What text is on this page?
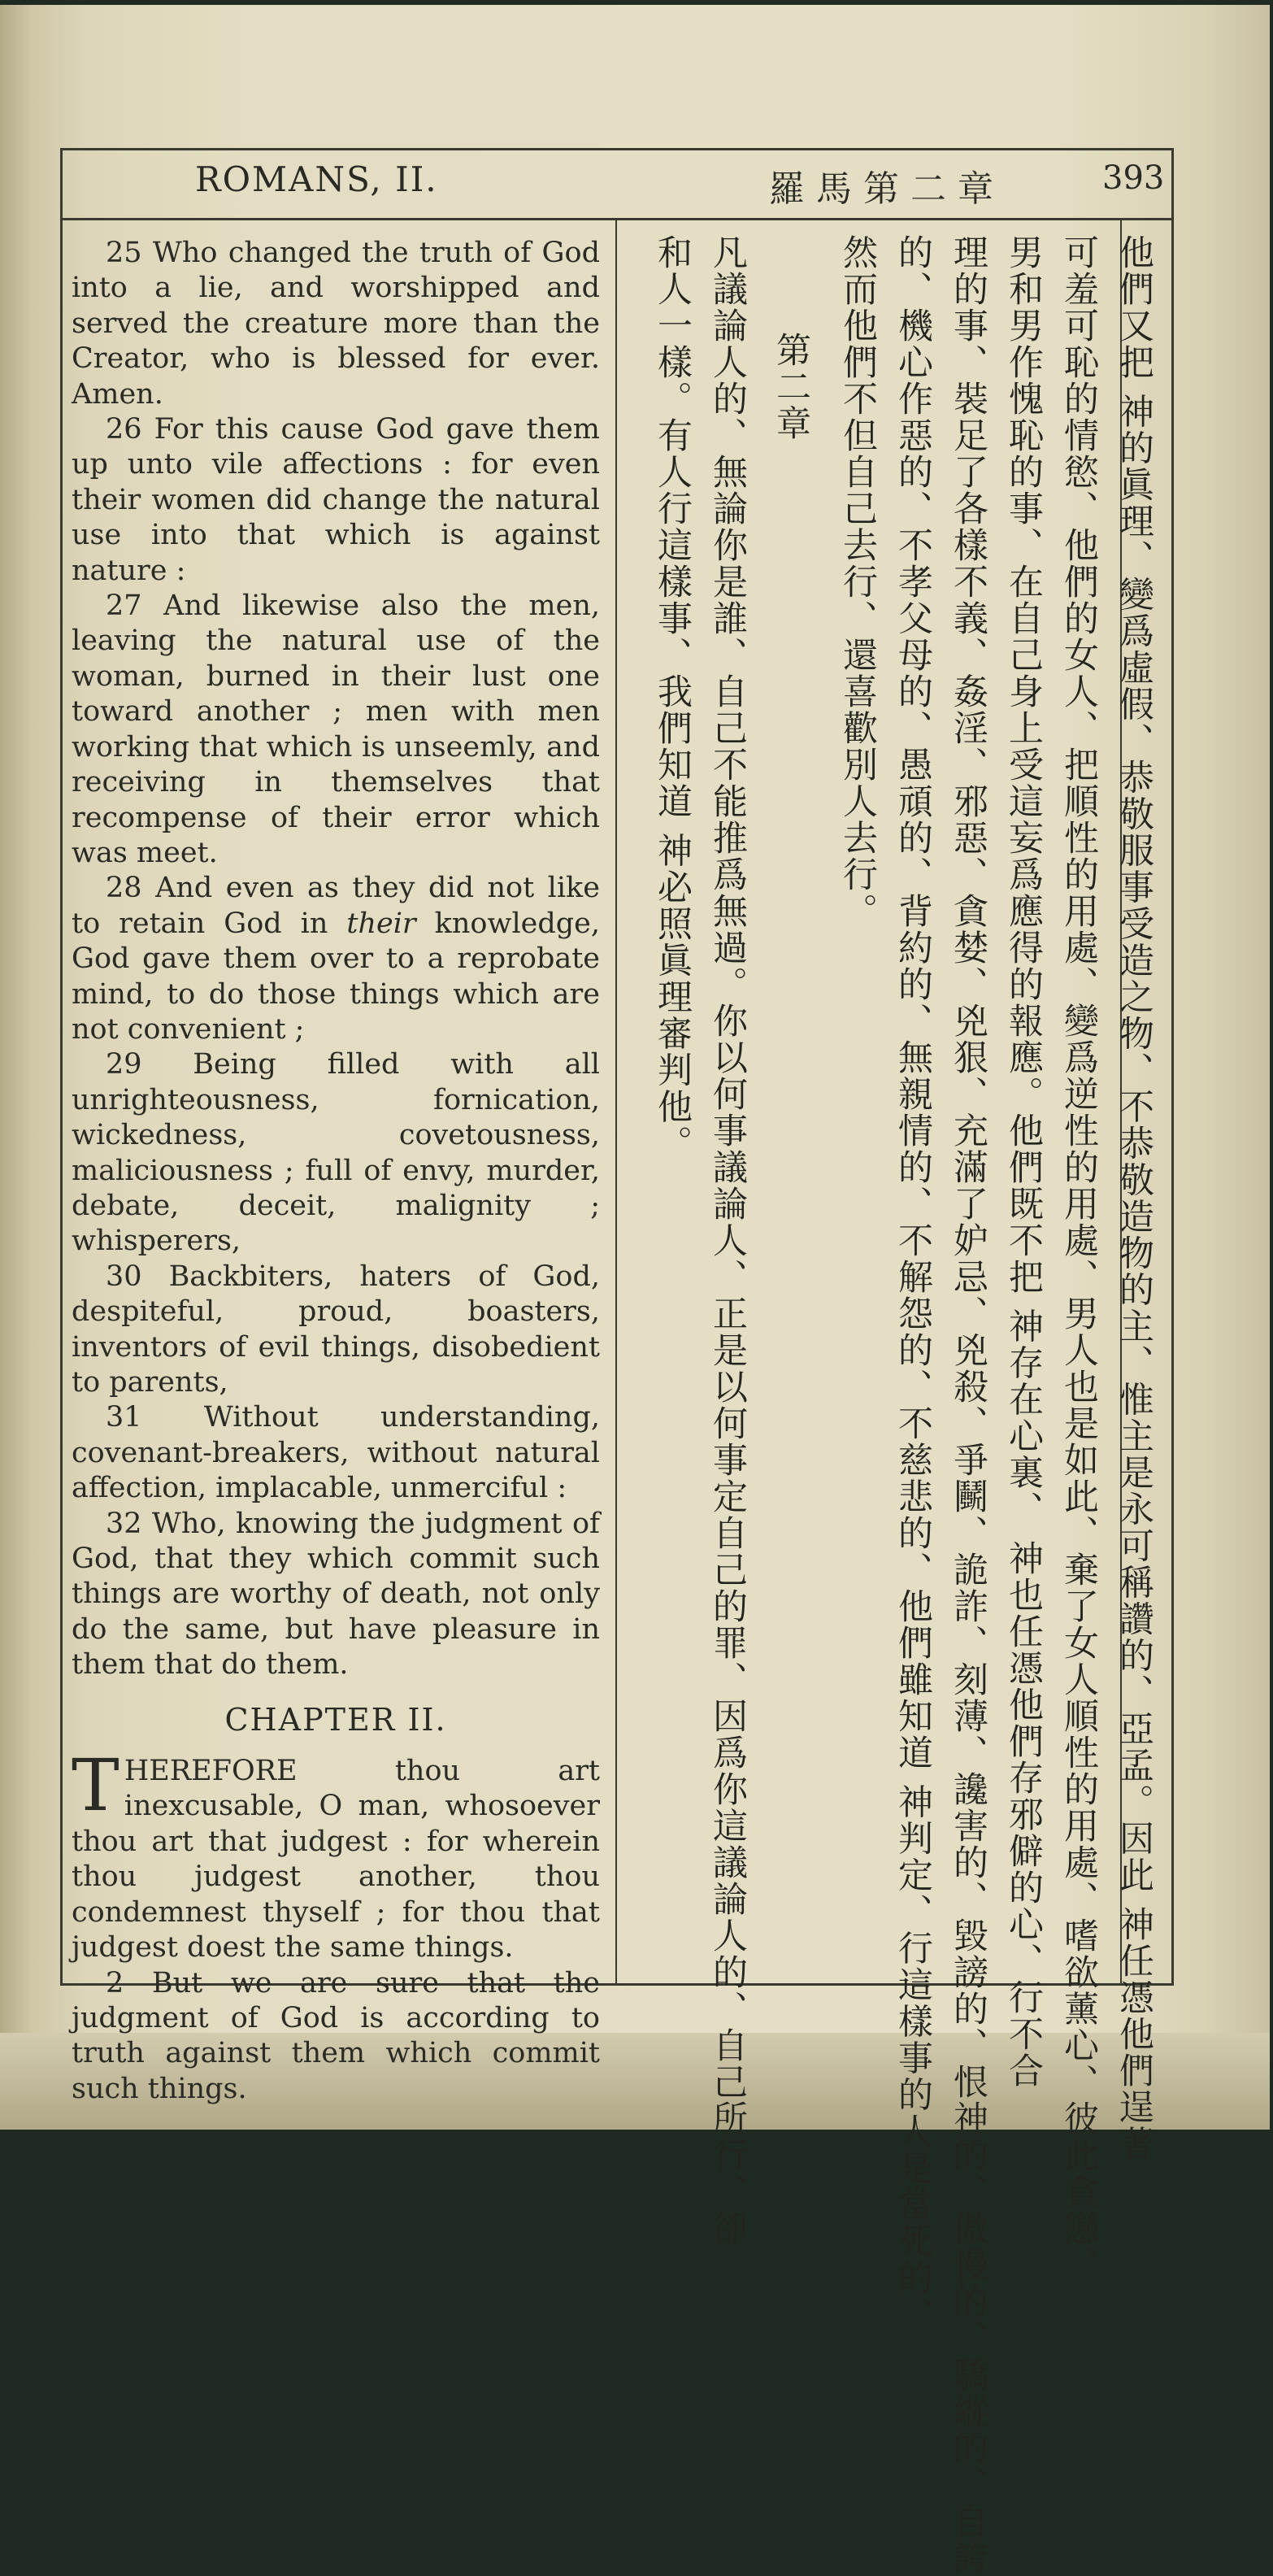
ROMANS, II.	羅馬第二章	393

25 Who changed the truth of God into a lie, and worshipped and served the creature more than the Creator, who is blessed for ever. Amen.

26 For this cause God gave them up unto vile affections : for even their women did change the natural use into that which is against nature :

27 And likewise also the men, leaving the natural use of the woman, burned in their lust one toward another ; men with men working that which is unseemly, and receiving in themselves that recompense of their error which was meet.

28 And even as they did not like to retain God in their knowledge, God gave them over to a reprobate mind, to do those things which are not convenient ;

29 Being filled with all unrighteousness, fornication, wickedness, covetousness, maliciousness ; full of envy, murder, debate, deceit, malignity ; whisperers,

30 Backbiters, haters of God, despiteful, proud, boasters, inventors of evil things, disobedient to parents,

31 Without understanding, covenant-breakers, without natural affection, implacable, unmerciful :

32 Who, knowing the judgment of God, that they which commit such things are worthy of death, not only do the same, but have pleasure in them that do them.

CHAPTER II.

THEREFORE thou art inexcusable, O man, whosoever thou art that judgest : for wherein thou judgest another, thou condemnest thyself ; for thou that judgest doest the same things.

2 But we are sure that the judgment of God is according to truth against them which commit such things.	他們又把 神的眞理、變爲虛假、恭敬服事受造之物、不恭敬造物的主、惟主是永可稱讚的、亞孟。因此 神任憑他們逞著
可羞可恥的情慾、他們的女人、把順性的用處、變爲逆性的用處、男人也是如此、棄了女人順性的用處、嗜欲薰心、彼此貪戀、
男和男作愧恥的事、在自己身上受這妄爲應得的報應。他們既不把 神存在心裏、 神也任憑他們存邪僻的心、行不合
理的事、裝足了各樣不義、姦淫、邪惡、貪婪、兇狠、充滿了妒忌、兇殺、爭鬭、詭詐、刻薄、讒害的、毀謗的、恨神的、傲慢的、驕縱的、自誇
的、機心作惡的、不孝父母的、愚頑的、背約的、無親情的、不解怨的、不慈悲的、他們雖知道 神判定、行這樣事的人是當死的、
然而他們不但自己去行、還喜歡別人去行。
第二章
凡議論人的、無論你是誰、自己不能推爲無過。你以何事議論人、正是以何事定自己的罪、因爲你這議論人的、自己所行、卻
和人一樣。有人行這樣事、我們知道 神必照眞理審判他。
